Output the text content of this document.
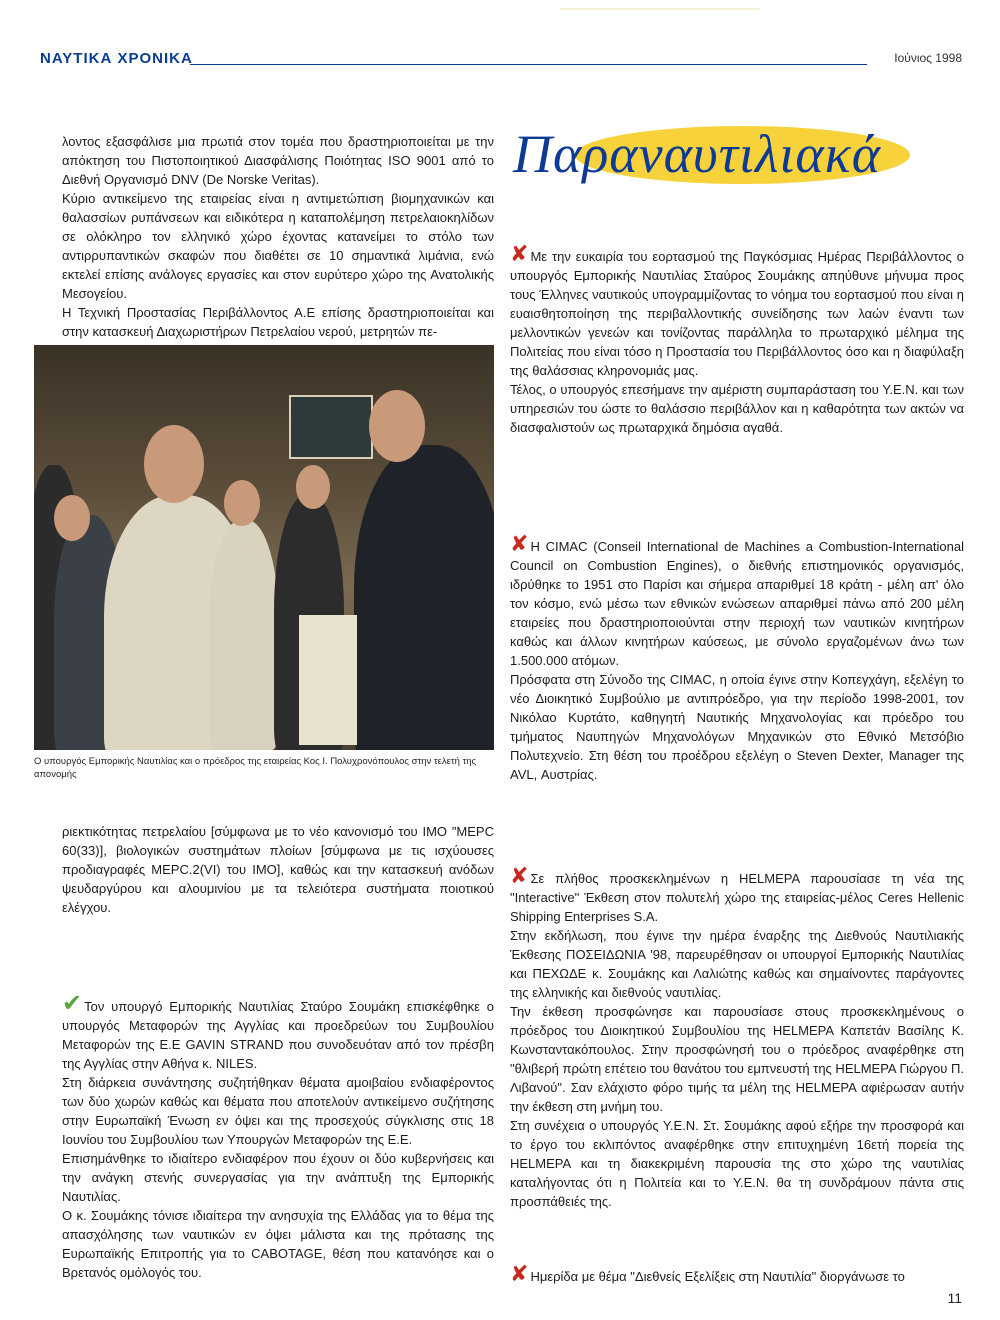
ΝΑΥΤΙΚΑ ΧΡΟΝΙΚΑ	Ιούνιος 1998

λοντος εξασφάλισε μια πρωτιά στον τομέα που δραστηριοποιείται με την απόκτηση του Πιστοποιητικού Διασφάλισης Ποιότητας ISO 9001 από το Διεθνή Οργανισμό DNV (De Norske Veritas).

Κύριο αντικείμενο της εταιρείας είναι η αντιμετώπιση βιομηχανικών και θαλασσίων ρυπάνσεων και ειδικότερα η καταπολέμηση πετρελαιοκηλίδων σε ολόκληρο τον ελληνικό χώρο έχοντας κατανείμει το στόλο των αντιρρυπαντικών σκαφών που διαθέτει σε 10 σημαντικά λιμάνια, ενώ εκτελεί επίσης ανάλογες εργασίες και στον ευρύτερο χώρο της Ανατολικής Μεσογείου.

Η Τεχνική Προστασίας Περιβάλλοντος Α.Ε επίσης δραστηριοποιείται και στην κατασκευή Διαχωριστήρων Πετρελαίου νερού, μετρητών πε-

Ο υπουργός Εμπορικής Ναυτιλίας και ο πρόεδρος της εταιρείας Κος Ι. Πολυχρονόπουλος στην τελετή της απονομής

ριεκτικότητας πετρελαίου [σύμφωνα με το νέο κανονισμό του IMO "MEPC 60(33)], βιολογικών συστημάτων πλοίων [σύμφωνα με τις ισχύουσες προδιαγραφές MEPC.2(VI) του IMO], καθώς και την κατασκευή ανόδων ψευδαργύρου και αλουμινίου με τα τελειότερα συστήματα ποιοτικού ελέγχου.

✔ Τον υπουργό Εμπορικής Ναυτιλίας Σταύρο Σουμάκη επισκέφθηκε ο υπουργός Μεταφορών της Αγγλίας και προεδρεύων του Συμβουλίου Μεταφορών της Ε.Ε GAVIN STRAND που συνοδευόταν από τον πρέσβη της Αγγλίας στην Αθήνα κ. NILES.

Στη διάρκεια συνάντησης συζητήθηκαν θέματα αμοιβαίου ενδιαφέροντος των δύο χωρών καθώς και θέματα που αποτελούν αντικείμενο συζήτησης στην Ευρωπαϊκή Ένωση εν όψει και της προσεχούς σύγκλισης στις 18 Ιουνίου του Συμβουλίου των Υπουργών Μεταφορών της Ε.Ε.

Επισημάνθηκε το ιδιαίτερο ενδιαφέρον που έχουν οι δύο κυβερνήσεις και την ανάγκη στενής συνεργασίας για την ανάπτυξη της Εμπορικής Ναυτιλίας.

Ο κ. Σουμάκης τόνισε ιδιαίτερα την ανησυχία της Ελλάδας για το θέμα της απασχόλησης των ναυτικών εν όψει μάλιστα και της πρότασης της Ευρωπαϊκής Επιτροπής για το CABOTAGE, θέση που κατανόησε και ο Βρετανός ομόλογός του.

Παραναυτιλιακά

✘ Με την ευκαιρία του εορτασμού της Παγκόσμιας Ημέρας Περιβάλλοντος ο υπουργός Εμπορικής Ναυτιλίας Σταύρος Σουμάκης απηύθυνε μήνυμα προς τους Έλληνες ναυτικούς υπογραμμίζοντας το νόημα του εορτασμού που είναι η ευαισθητοποίηση της περιβαλλοντικής συνείδησης των λαών έναντι των μελλοντικών γενεών και τονίζοντας παράλληλα το πρωταρχικό μέλημα της Πολιτείας που είναι τόσο η Προστασία του Περιβάλλοντος όσο και η διαφύλαξη της θαλάσσιας κληρονομιάς μας.

Τέλος, ο υπουργός επεσήμανε την αμέριστη συμπαράσταση του Υ.Ε.Ν. και των υπηρεσιών του ώστε το θαλάσσιο περιβάλλον και η καθαρότητα των ακτών να διασφαλιστούν ως πρωταρχικά δημόσια αγαθά.

✘ Η CIMAC (Conseil International de Machines a Combustion-International Council on Combustion Engines), ο διεθνής επιστημονικός οργανισμός, ιδρύθηκε το 1951 στο Παρίσι και σήμερα απαριθμεί 18 κράτη - μέλη απ' όλο τον κόσμο, ενώ μέσω των εθνικών ενώσεων απαριθμεί πάνω από 200 μέλη εταιρείες που δραστηριοποιούνται στην περιοχή των ναυτικών κινητήρων καθώς και άλλων κινητήρων καύσεως, με σύνολο εργαζομένων άνω των 1.500.000 ατόμων.

Πρόσφατα στη Σύνοδο της CIMAC, η οποία έγινε στην Κοπεγχάγη, εξελέγη το νέο Διοικητικό Συμβούλιο με αντιπρόεδρο, για την περίοδο 1998-2001, τον Νικόλαο Κυρτάτο, καθηγητή Ναυτικής Μηχανολογίας και πρόεδρο του τμήματος Ναυπηγών Μηχανολόγων Μηχανικών στο Εθνικό Μετσόβιο Πολυτεχνείο. Στη θέση του προέδρου εξελέγη ο Steven Dexter, Manager της AVL, Αυστρίας.

✘ Σε πλήθος προσκεκλημένων η HELMEPA παρουσίασε τη νέα της "Interactive" Έκθεση στον πολυτελή χώρο της εταιρείας-μέλος Ceres Hellenic Shipping Enterprises S.A.

Στην εκδήλωση, που έγινε την ημέρα έναρξης της Διεθνούς Ναυτιλιακής Έκθεσης ΠΟΣΕΙΔΩΝΙΑ '98, παρευρέθησαν οι υπουργοί Εμπορικής Ναυτιλίας και ΠΕΧΩΔΕ κ. Σουμάκης και Λαλιώτης καθώς και σημαίνοντες παράγοντες της ελληνικής και διεθνούς ναυτιλίας.

Την έκθεση προσφώνησε και παρουσίασε στους προσκεκλημένους ο πρόεδρος του Διοικητικού Συμβουλίου της HELMEPA Καπετάν Βασίλης Κ. Κωνσταντακόπουλος. Στην προσφώνησή του ο πρόεδρος αναφέρθηκε στη "θλιβερή πρώτη επέτειο του θανάτου του εμπνευστή της HELMEPA Γιώργου Π. Λιβανού". Σαν ελάχιστο φόρο τιμής τα μέλη της HELMEPA αφιέρωσαν αυτήν την έκθεση στη μνήμη του.

Στη συνέχεια ο υπουργός Υ.Ε.Ν. Στ. Σουμάκης αφού εξήρε την προσφορά και το έργο του εκλιπόντος αναφέρθηκε στην επιτυχημένη 16ετή πορεία της HELMEPA και τη διακεκριμένη παρουσία της στο χώρο της ναυτιλίας καταλήγοντας ότι η Πολιτεία και το Υ.Ε.Ν. θα τη συνδράμουν πάντα στις προσπάθειές της.

✘ Ημερίδα με θέμα "Διεθνείς Εξελίξεις στη Ναυτιλία" διοργάνωσε το

11
